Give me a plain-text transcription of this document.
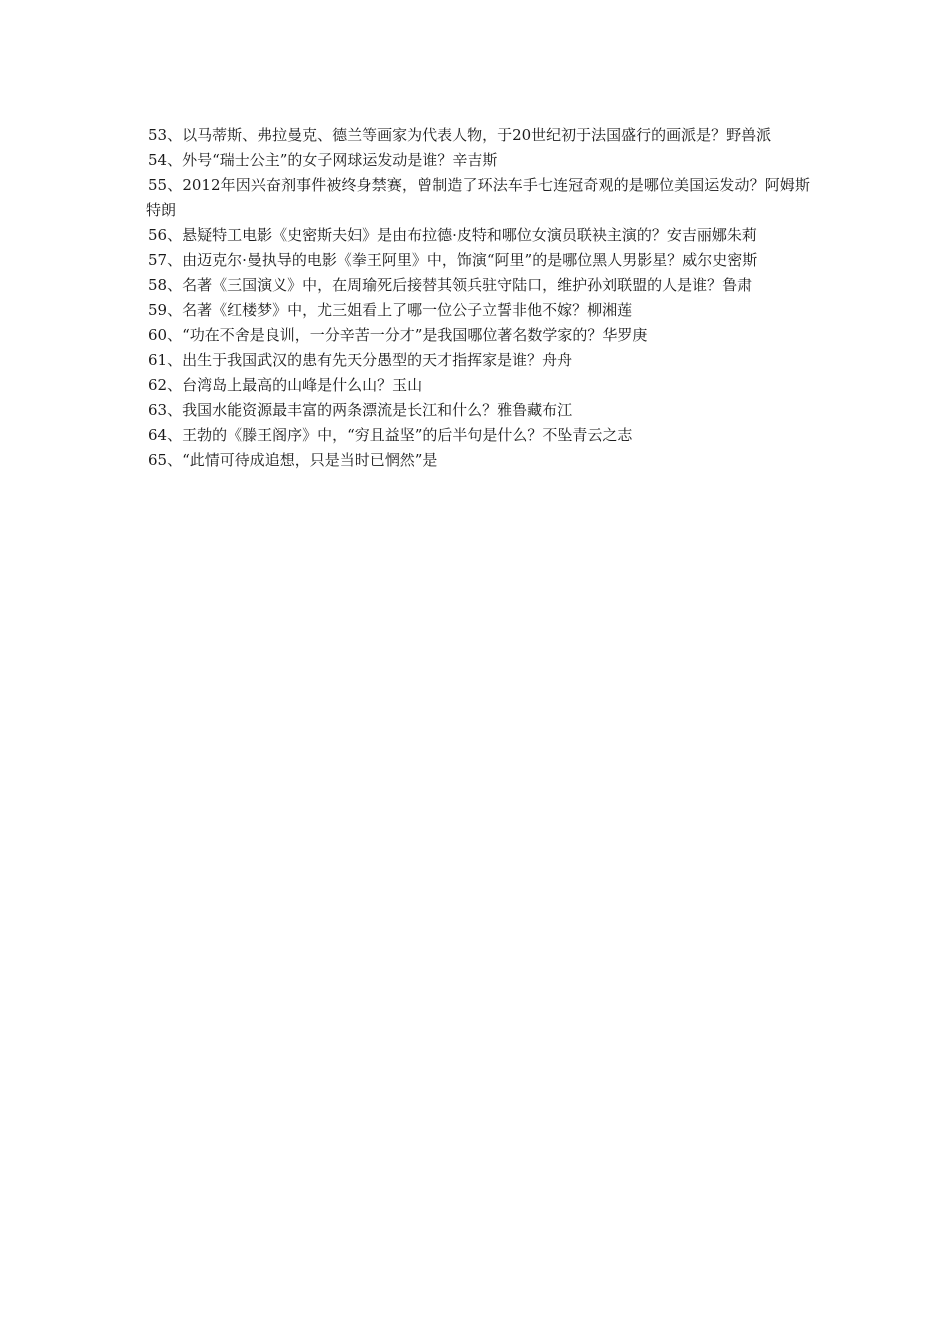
53、以马蒂斯、弗拉曼克、德兰等画家为代表人物，于20世纪初于法国盛行的画派是？野兽派

54、外号“瑞士公主”的女子网球运发动是谁？辛吉斯

55、2012年因兴奋剂事件被终身禁赛，曾制造了环法车手七连冠奇观的是哪位美国运发动？阿姆斯特朗

56、悬疑特工电影《史密斯夫妇》是由布拉德·皮特和哪位女演员联袂主演的？安吉丽娜朱莉

57、由迈克尔·曼执导的电影《拳王阿里》中，饰演“阿里”的是哪位黑人男影星？威尔史密斯

58、名著《三国演义》中，在周瑜死后接替其领兵驻守陆口，维护孙刘联盟的人是谁？鲁肃

59、名著《红楼梦》中，尤三姐看上了哪一位公子立誓非他不嫁？柳湘莲

60、“功在不舍是良训，一分辛苦一分才”是我国哪位著名数学家的？华罗庚

61、出生于我国武汉的患有先天分愚型的天才指挥家是谁？舟舟

62、台湾岛上最高的山峰是什么山？玉山

63、我国水能资源最丰富的两条漂流是长江和什么？雅鲁藏布江

64、王勃的《滕王阁序》中，“穷且益坚”的后半句是什么？不坠青云之志

65、“此情可待成追想，只是当时已惘然”是
